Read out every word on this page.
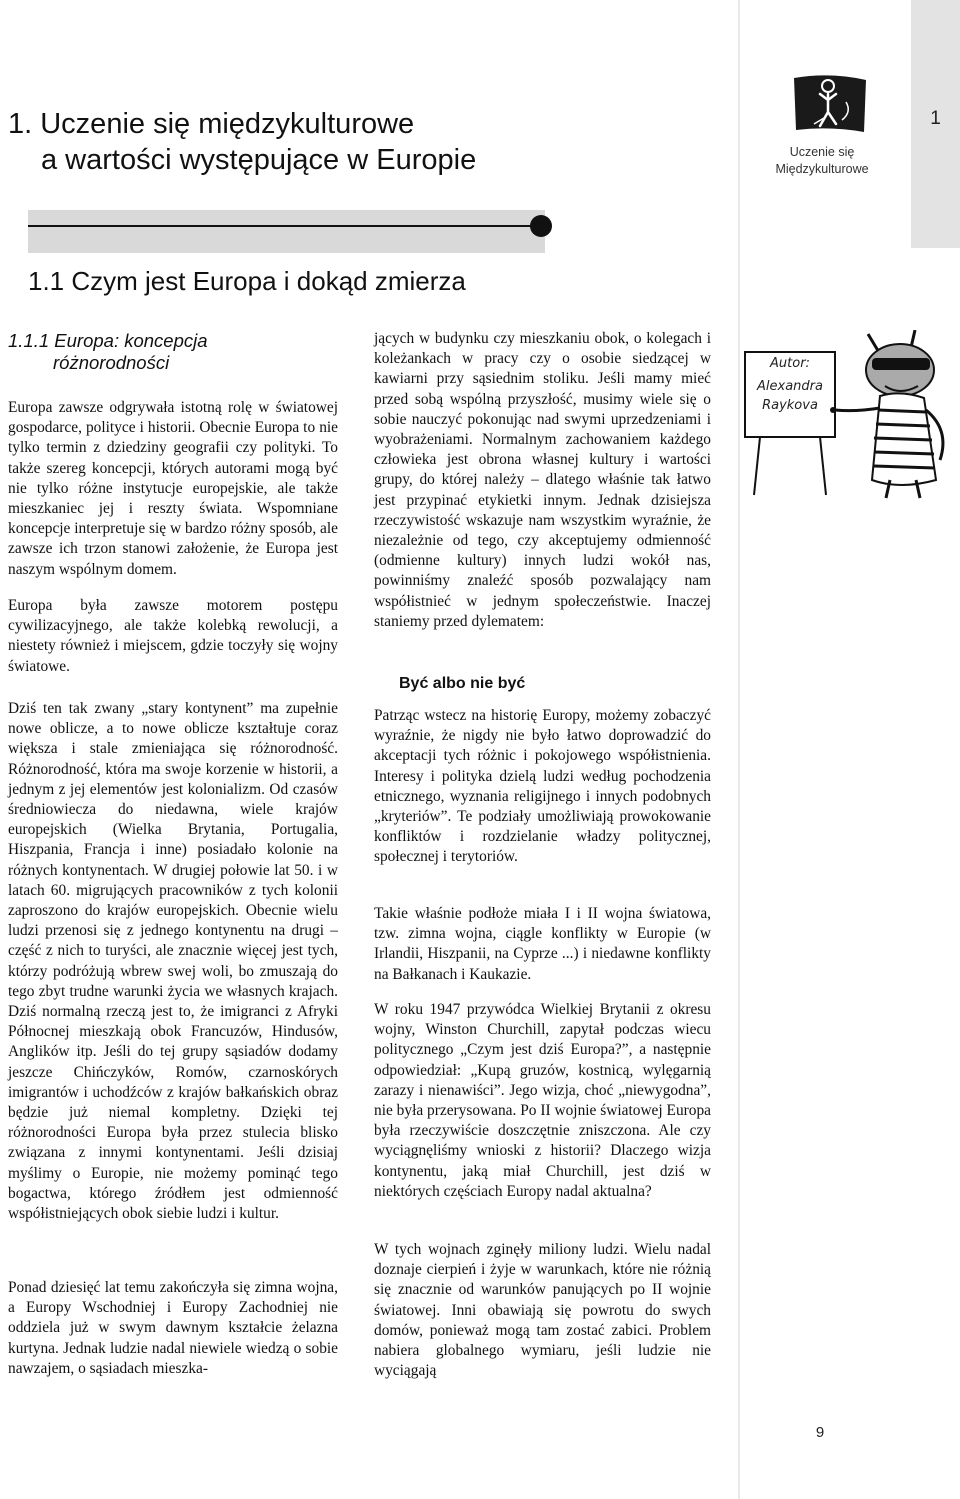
1
1. Uczenie się międzykulturowe
a wartości występujące w Europie	Uczenie się
Międzykulturowe
1.1 Czym jest Europa i dokąd zmierza
1.1.1 Europa: koncepcja
różnorodności

Europa zawsze odgrywała istotną rolę w światowej gospodarce, polityce i historii. Obecnie Europa to nie tylko termin z dziedziny geografii czy polityki. To także szereg koncepcji, których autorami mogą być nie tylko różne instytucje europejskie, ale także mieszkaniec jej i reszty świata. Wspomniane koncepcje interpretuje się w bardzo różny sposób, ale zawsze ich trzon stanowi założenie, że Europa jest naszym wspólnym domem.

Europa była zawsze motorem postępu cywilizacyjnego, ale także kolebką rewolucji, a niestety również i miejscem, gdzie toczyły się wojny światowe.

Dziś ten tak zwany „stary kontynent” ma zupełnie nowe oblicze, a to nowe oblicze kształtuje coraz większa i stale zmieniająca się różnorodność. Różnorodność, która ma swoje korzenie w historii, a jednym z jej elementów jest kolonializm. Od czasów średniowiecza do niedawna, wiele krajów europejskich (Wielka Brytania, Portugalia, Hiszpania, Francja i inne) posiadało kolonie na różnych kontynentach. W drugiej połowie lat 50. i w latach 60. migrujących pracowników z tych kolonii zaproszono do krajów europejskich. Obecnie wielu ludzi przenosi się z jednego kontynentu na drugi – część z nich to turyści, ale znacznie więcej jest tych, którzy podróżują wbrew swej woli, bo zmuszają do tego zbyt trudne warunki życia we własnych krajach. Dziś normalną rzeczą jest to, że imigranci z Afryki Północnej mieszkają obok Francuzów, Hindusów, Anglików itp. Jeśli do tej grupy sąsiadów dodamy jeszcze Chińczyków, Romów, czarnoskórych imigrantów i uchodźców z krajów bałkańskich obraz będzie już niemal kompletny. Dzięki tej różnorodności Europa była przez stulecia blisko związana z innymi kontynentami. Jeśli dzisiaj myślimy o Europie, nie możemy pominąć tego bogactwa, którego źródłem jest odmienność współistniejących obok siebie ludzi i kultur.

Ponad dziesięć lat temu zakończyła się zimna wojna, a Europy Wschodniej i Europy Zachodniej nie oddziela już w swym dawnym kształcie żelazna kurtyna. Jednak ludzie nadal niewiele wiedzą o sobie nawzajem, o sąsiadach mieszka-

jących w budynku czy mieszkaniu obok, o kolegach i koleżankach w pracy czy o osobie siedzącej w kawiarni przy sąsiednim stoliku. Jeśli mamy mieć przed sobą wspólną przyszłość, musimy wiele się o sobie nauczyć pokonując nad swymi uprzedzeniami i wyobrażeniami. Normalnym zachowaniem każdego człowieka jest obrona własnej kultury i wartości grupy, do której należy – dlatego właśnie tak łatwo jest przypinać etykietki innym. Jednak dzisiejsza rzeczywistość wskazuje nam wszystkim wyraźnie, że niezależnie od tego, czy akceptujemy odmienność (odmienne kultury) innych ludzi wokół nas, powinniśmy znaleźć sposób pozwalający nam współistnieć w jednym społeczeństwie. Inaczej staniemy przed dylematem:

Być albo nie być

Patrząc wstecz na historię Europy, możemy zobaczyć wyraźnie, że nigdy nie było łatwo doprowadzić do akceptacji tych różnic i pokojowego współistnienia. Interesy i polityka dzielą ludzi według pochodzenia etnicznego, wyznania religijnego i innych podobnych „kryteriów”. Te podziały umożliwiają prowokowanie konfliktów i rozdzielanie władzy politycznej, społecznej i terytoriów.

Takie właśnie podłoże miała I i II wojna światowa, tzw. zimna wojna, ciągle konflikty w Europie (w Irlandii, Hiszpanii, na Cyprze ...) i niedawne konflikty na Bałkanach i Kaukazie.

W roku 1947 przywódca Wielkiej Brytanii z okresu wojny, Winston Churchill, zapytał podczas wiecu politycznego „Czym jest dziś Europa?”, a następnie odpowiedział: „Kupą gruzów, kostnicą, wylęgarnią zarazy i nienawiści”. Jego wizja, choć „niewygodna”, nie była przerysowana. Po II wojnie światowej Europa była rzeczywiście doszczętnie zniszczona. Ale czy wyciągnęliśmy wnioski z historii? Dlaczego wizja kontynentu, jaką miał Churchill, jest dziś w niektórych częściach Europy nadal aktualna?

W tych wojnach zginęły miliony ludzi. Wielu nadal doznaje cierpień i żyje w warunkach, które nie różnią się znacznie od warunków panujących po II wojnie światowej. Inni obawiają się powrotu do swych domów, ponieważ mogą tam zostać zabici. Problem nabiera globalnego wymiaru, jeśli ludzie nie wyciągają

Autor:
Alexandra
Raykova
9
